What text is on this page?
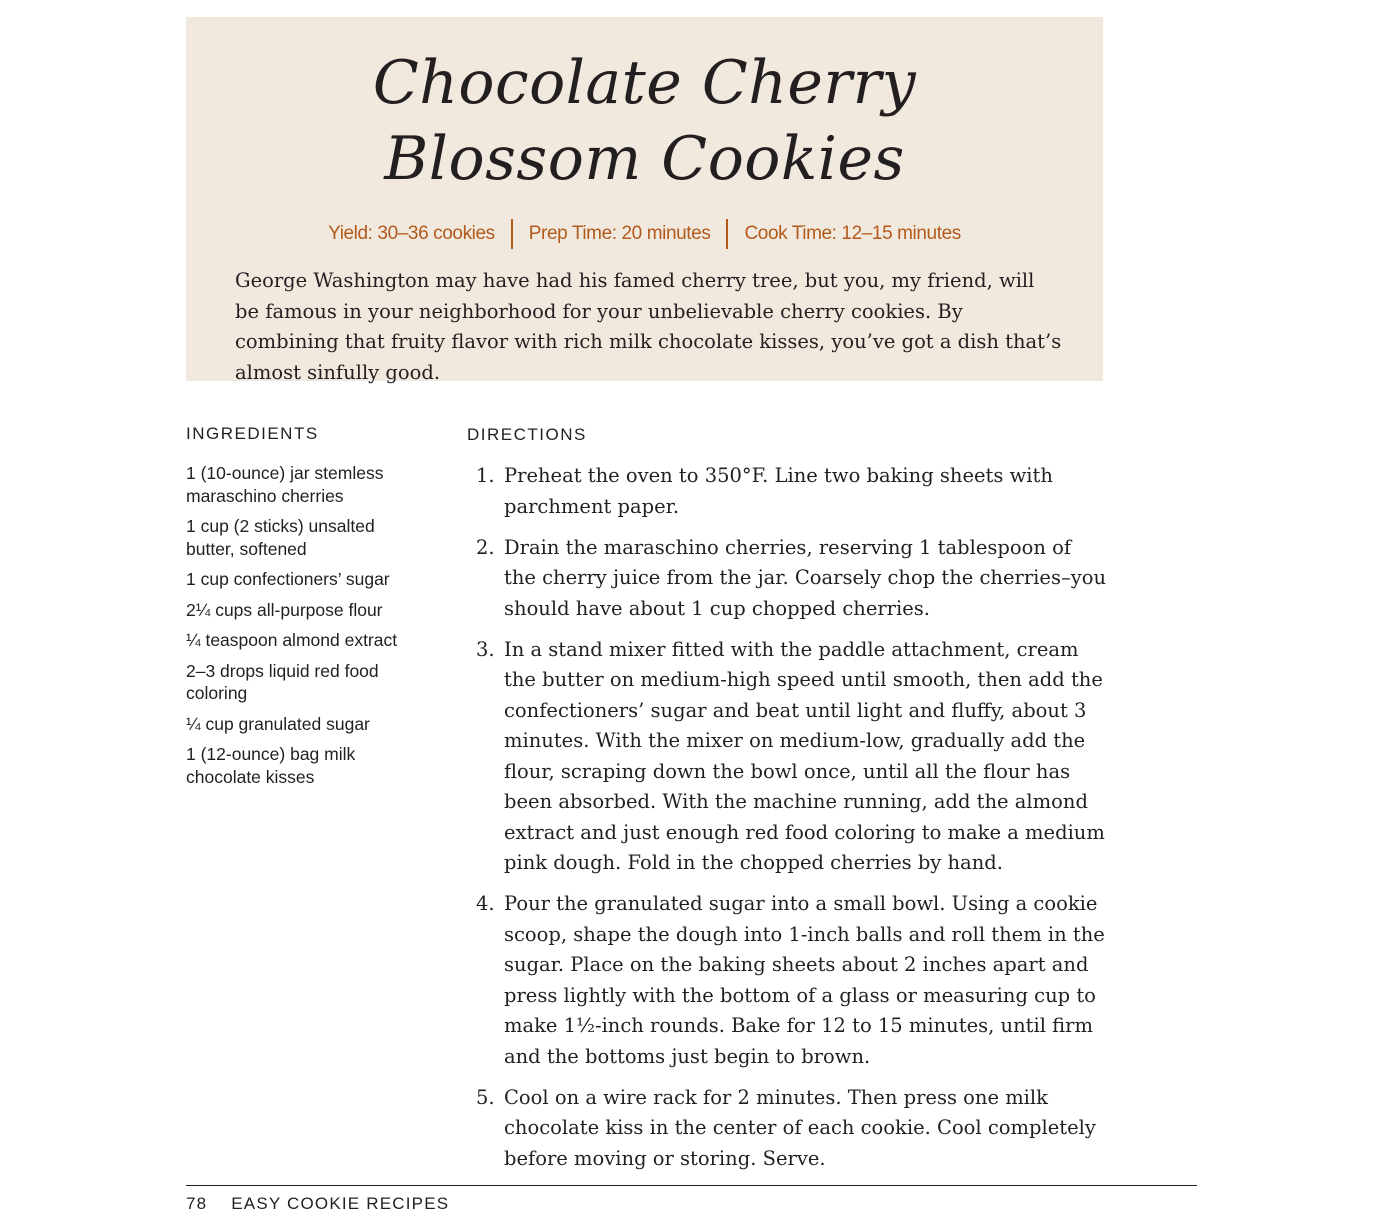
Chocolate Cherry
Blossom Cookies
Yield: 30–36 cookies	Prep Time: 20 minutes	Cook Time: 12–15 minutes

George Washington may have had his famed cherry tree, but you, my friend, will be famous in your neighborhood for your unbelievable cherry cookies. By combining that fruity flavor with rich milk chocolate kisses, you’ve got a dish that’s almost sinfully good.

INGREDIENTS
1 (10-ounce) jar stemless maraschino cherries
1 cup (2 sticks) unsalted butter, softened
1 cup confectioners’ sugar
2¼ cups all-purpose flour
¼ teaspoon almond extract
2–3 drops liquid red food coloring
¼ cup granulated sugar
1 (12-ounce) bag milk chocolate kisses
DIRECTIONS
1. Preheat the oven to 350°F. Line two baking sheets with parchment paper.
2. Drain the maraschino cherries, reserving 1 tablespoon of the cherry juice from the jar. Coarsely chop the cherries–you should have about 1 cup chopped cherries.
3. In a stand mixer fitted with the paddle attachment, cream the butter on medium-high speed until smooth, then add the confectioners’ sugar and beat until light and fluffy, about 3 minutes. With the mixer on medium-low, gradually add the flour, scraping down the bowl once, until all the flour has been absorbed. With the machine running, add the almond extract and just enough red food coloring to make a medium pink dough. Fold in the chopped cherries by hand.
4. Pour the granulated sugar into a small bowl. Using a cookie scoop, shape the dough into 1-inch balls and roll them in the sugar. Place on the baking sheets about 2 inches apart and press lightly with the bottom of a glass or measuring cup to make 1½-inch rounds. Bake for 12 to 15 minutes, until firm and the bottoms just begin to brown.
5. Cool on a wire rack for 2 minutes. Then press one milk chocolate kiss in the center of each cookie. Cool completely before moving or storing. Serve.
78 EASY COOKIE RECIPES
